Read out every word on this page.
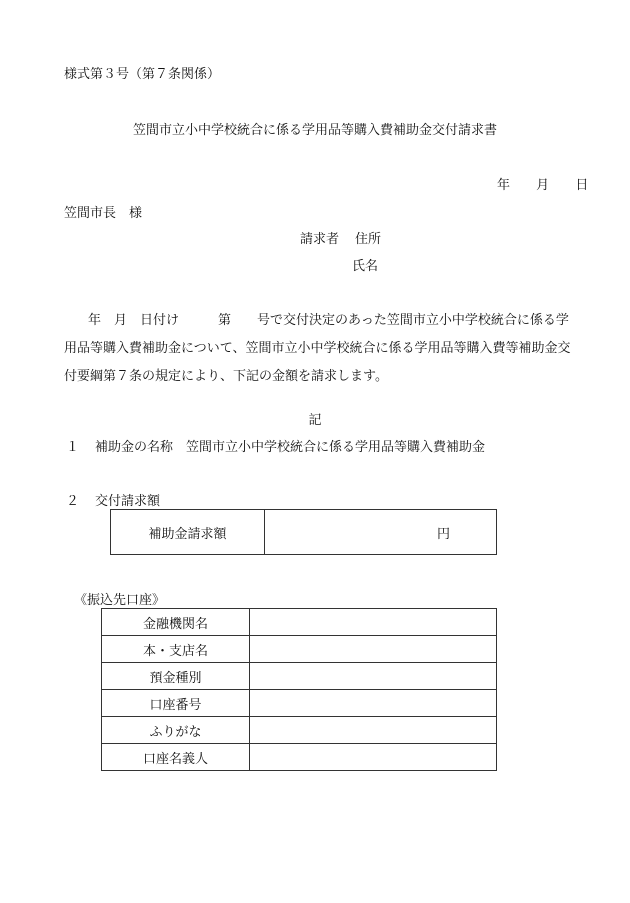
様式第３号（第７条関係）
笠間市立小中学校統合に係る学用品等購入費補助金交付請求書
年 月 日
笠間市長　様
請求者 住所
氏名
年　月　日付け　　　第　　号で交付決定のあった笠間市立小中学校統合に係る学用品等購入費補助金について、笠間市立小中学校統合に係る学用品等購入費等補助金交付要綱第７条の規定により、下記の金額を請求します。
記
１ 補助金の名称　笠間市立小中学校統合に係る学用品等購入費補助金
２ 交付請求額
補助金請求額	円
《振込先口座》
金融機関名	
本・支店名	
預金種別	
口座番号	
ふりがな	
口座名義人	
